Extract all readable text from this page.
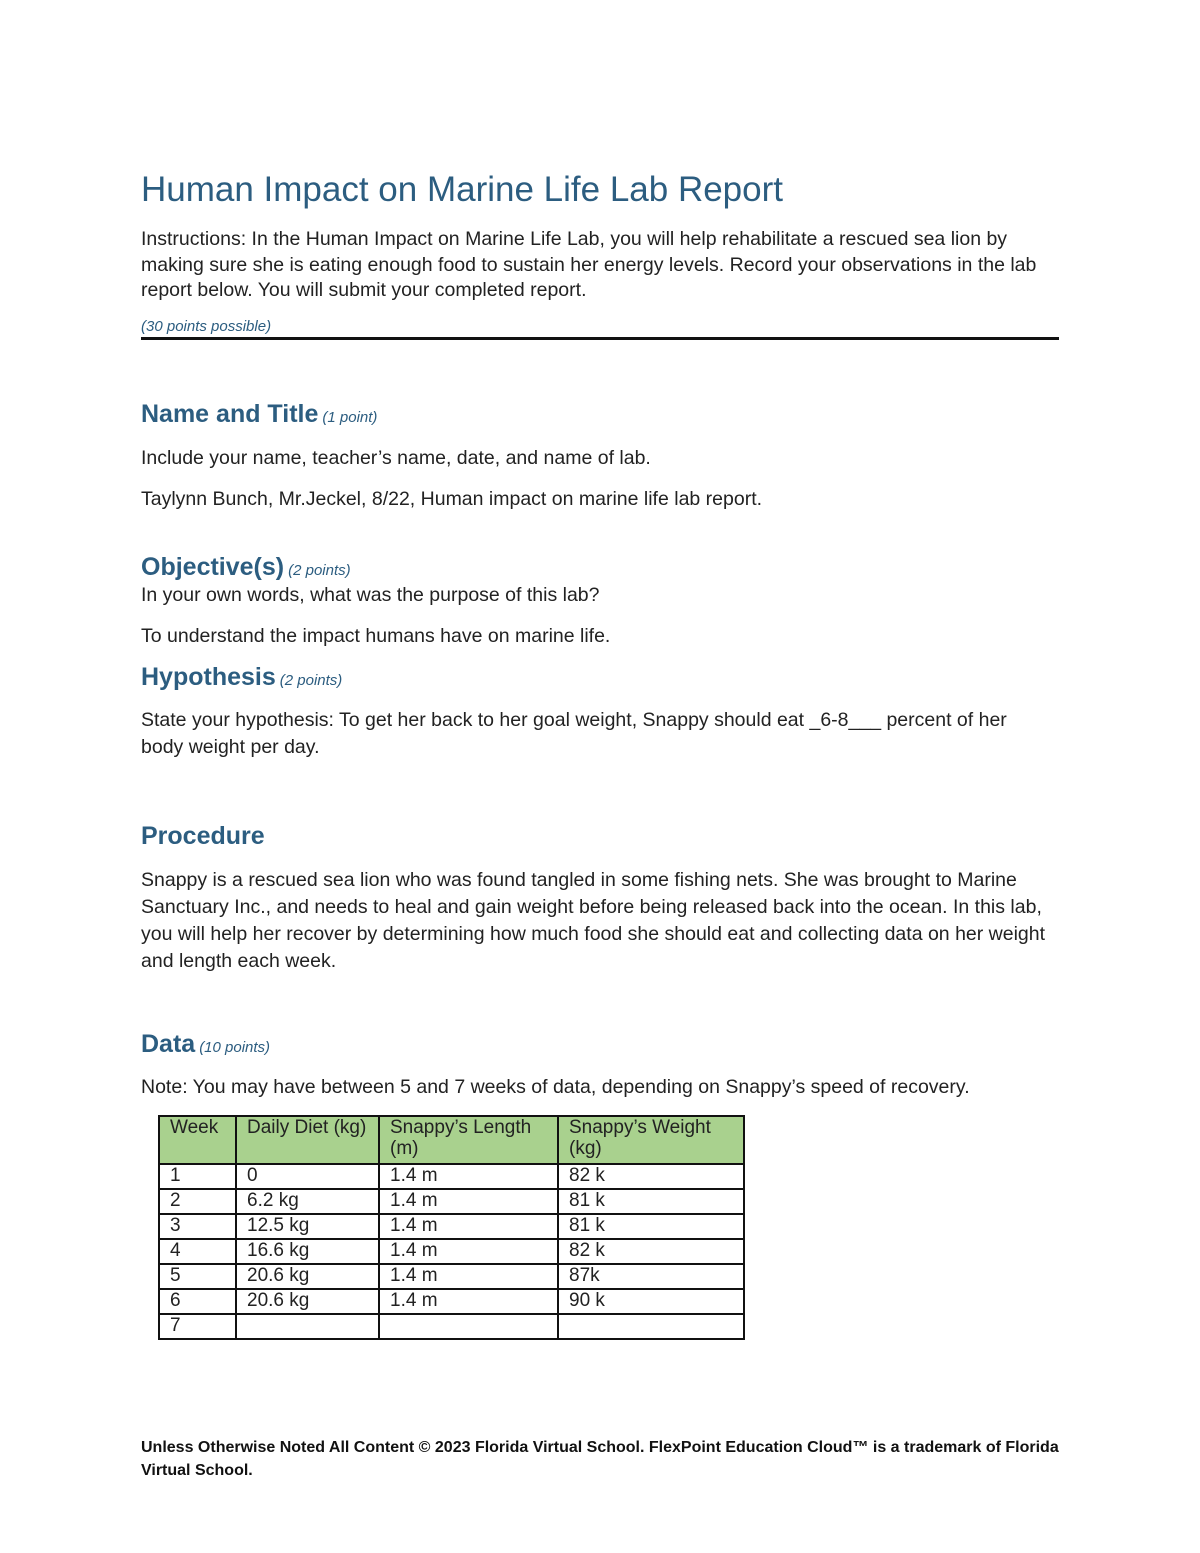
Human Impact on Marine Life Lab Report
Instructions: In the Human Impact on Marine Life Lab, you will help rehabilitate a rescued sea lion by making sure she is eating enough food to sustain her energy levels. Record your observations in the lab report below. You will submit your completed report.
(30 points possible)
Name and Title (1 point)
Include your name, teacher’s name, date, and name of lab.
Taylynn Bunch, Mr.Jeckel, 8/22, Human impact on marine life lab report.
Objective(s) (2 points)
In your own words, what was the purpose of this lab?
To understand the impact humans have on marine life.
Hypothesis (2 points)
State your hypothesis: To get her back to her goal weight, Snappy should eat _6-8___ percent of her body weight per day.
Procedure
Snappy is a rescued sea lion who was found tangled in some fishing nets. She was brought to Marine Sanctuary Inc., and needs to heal and gain weight before being released back into the ocean. In this lab, you will help her recover by determining how much food she should eat and collecting data on her weight and length each week.
Data (10 points)
Note: You may have between 5 and 7 weeks of data, depending on Snappy’s speed of recovery.
Week	Daily Diet (kg)	Snappy’s Length (m)	Snappy’s Weight (kg)
1	0	1.4 m	82 k
2	6.2 kg	1.4 m	81 k
3	12.5 kg	1.4 m	81 k
4	16.6 kg	1.4 m	82 k
5	20.6 kg	1.4 m	87k
6	20.6 kg	1.4 m	90 k
7			
Unless Otherwise Noted All Content © 2023 Florida Virtual School. FlexPoint Education Cloud™ is a trademark of Florida Virtual School.
